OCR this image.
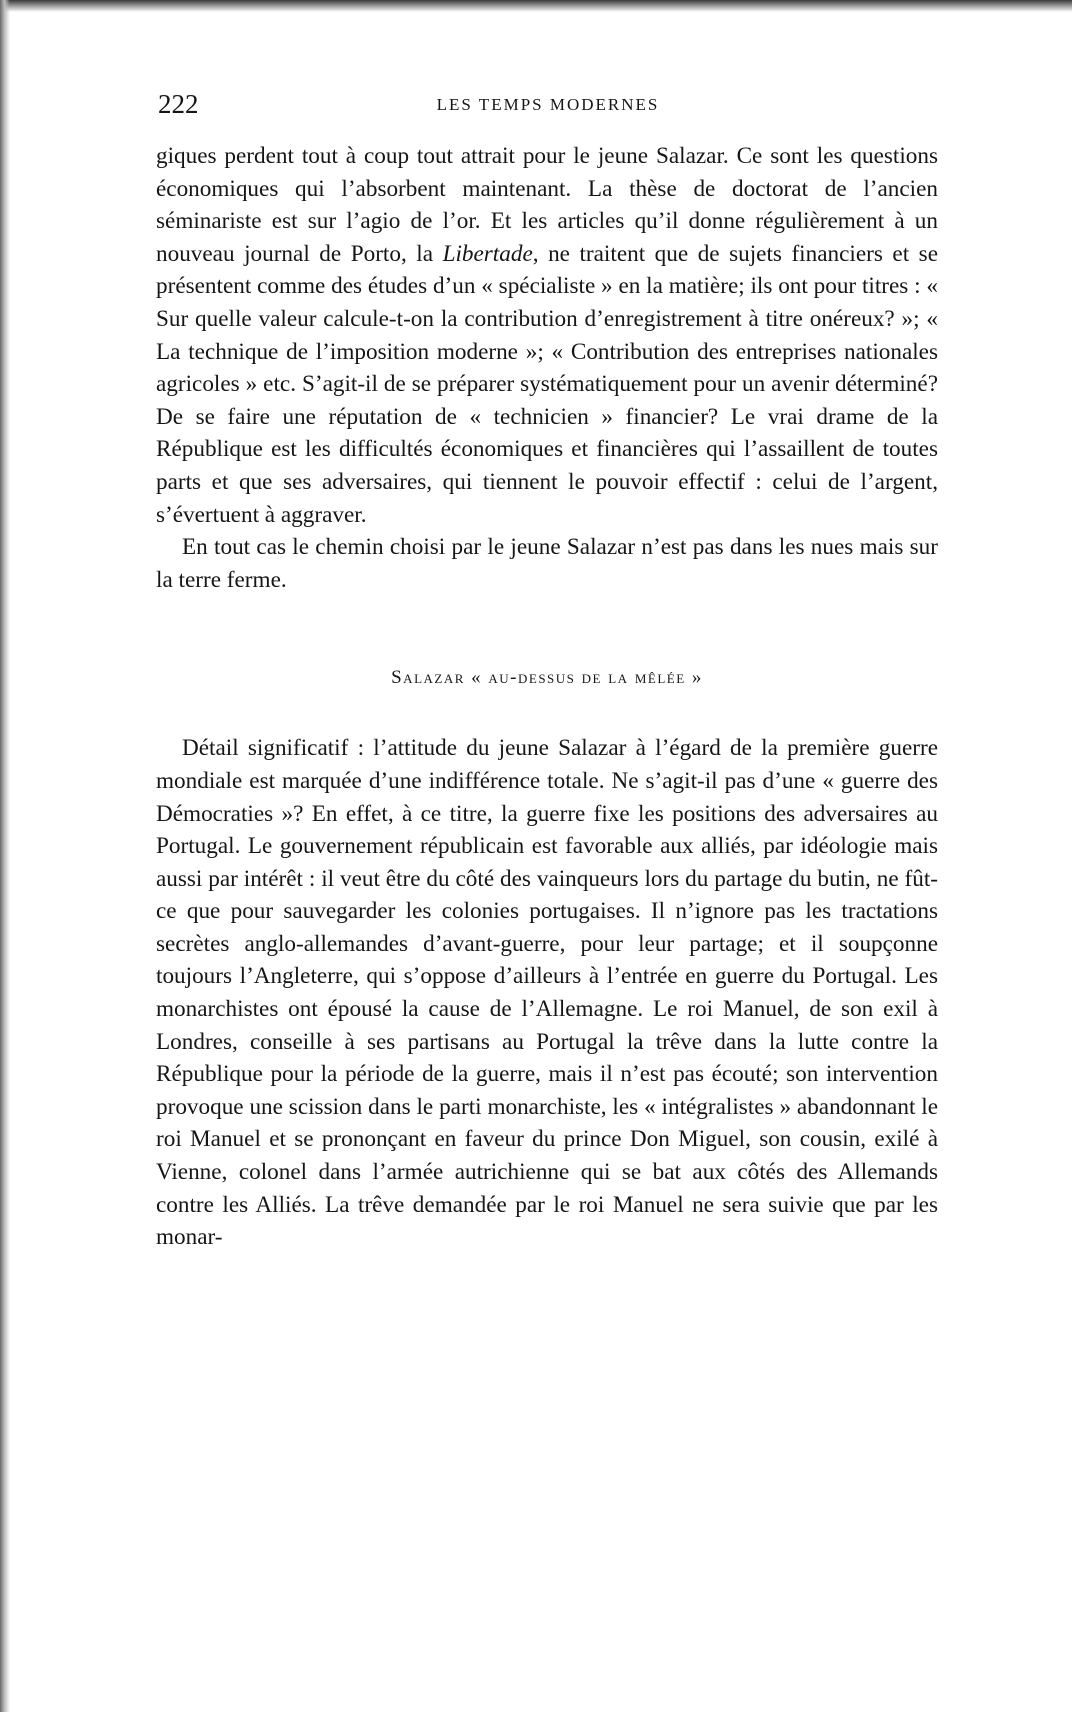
222	LES TEMPS MODERNES

giques perdent tout à coup tout attrait pour le jeune Salazar. Ce sont les questions économiques qui l’absorbent maintenant. La thèse de doctorat de l’ancien séminariste est sur l’agio de l’or. Et les articles qu’il donne régulièrement à un nouveau journal de Porto, la Libertade, ne traitent que de sujets financiers et se présentent comme des études d’un « spécialiste » en la matière; ils ont pour titres : « Sur quelle valeur calcule-t-on la contribution d’enregistrement à titre onéreux? »; « La technique de l’imposition moderne »; « Contribution des entreprises nationales agricoles » etc. S’agit-il de se préparer systématiquement pour un avenir déterminé? De se faire une réputation de « technicien » financier? Le vrai drame de la République est les difficultés économiques et financières qui l’assaillent de toutes parts et que ses adversaires, qui tiennent le pouvoir effectif : celui de l’argent, s’évertuent à aggraver.

En tout cas le chemin choisi par le jeune Salazar n’est pas dans les nues mais sur la terre ferme.

Salazar « au-dessus de la mêlée »

Détail significatif : l’attitude du jeune Salazar à l’égard de la première guerre mondiale est marquée d’une indifférence totale. Ne s’agit-il pas d’une « guerre des Démocraties »? En effet, à ce titre, la guerre fixe les positions des adversaires au Portugal. Le gouvernement républicain est favorable aux alliés, par idéologie mais aussi par intérêt : il veut être du côté des vainqueurs lors du partage du butin, ne fût-ce que pour sauvegarder les colonies portugaises. Il n’ignore pas les tractations secrètes anglo-allemandes d’avant-guerre, pour leur partage; et il soupçonne toujours l’Angleterre, qui s’oppose d’ailleurs à l’entrée en guerre du Portugal. Les monarchistes ont épousé la cause de l’Allemagne. Le roi Manuel, de son exil à Londres, conseille à ses partisans au Portugal la trêve dans la lutte contre la République pour la période de la guerre, mais il n’est pas écouté; son intervention provoque une scission dans le parti monarchiste, les « intégralistes » abandonnant le roi Manuel et se prononçant en faveur du prince Don Miguel, son cousin, exilé à Vienne, colonel dans l’armée autrichienne qui se bat aux côtés des Allemands contre les Alliés. La trêve demandée par le roi Manuel ne sera suivie que par les monar-
